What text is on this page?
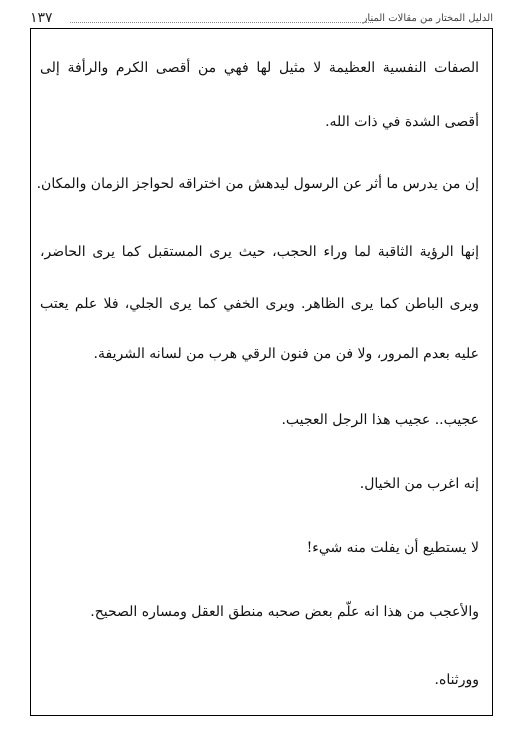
الدليل المختار من مقالات المنار
١٣٧
الصفات النفسية العظيمة لا مثيل لها فهي من أقصى الكرم والرأفة إلى
أقصى الشدة في ذات الله.
إن من يدرس ما أثر عن الرسول ليدهش من اختراقه لحواجز الزمان والمكان.
إنها الرؤية الثاقبة لما وراء الحجب، حيث يرى المستقبل كما يرى الحاضر،
ويرى الباطن كما يرى الظاهر. ويرى الخفي كما يرى الجلي، فلا علم يعتب
عليه بعدم المرور، ولا فن من فنون الرقي هرب من لسانه الشريفة.
عجيب.. عجيب هذا الرجل العجيب.
إنه اغرب من الخيال.
لا يستطيع أن يفلت منه شيء!
والأعجب من هذا انه علّم بعض صحبه منطق العقل ومساره الصحيح.
وورثناه.
